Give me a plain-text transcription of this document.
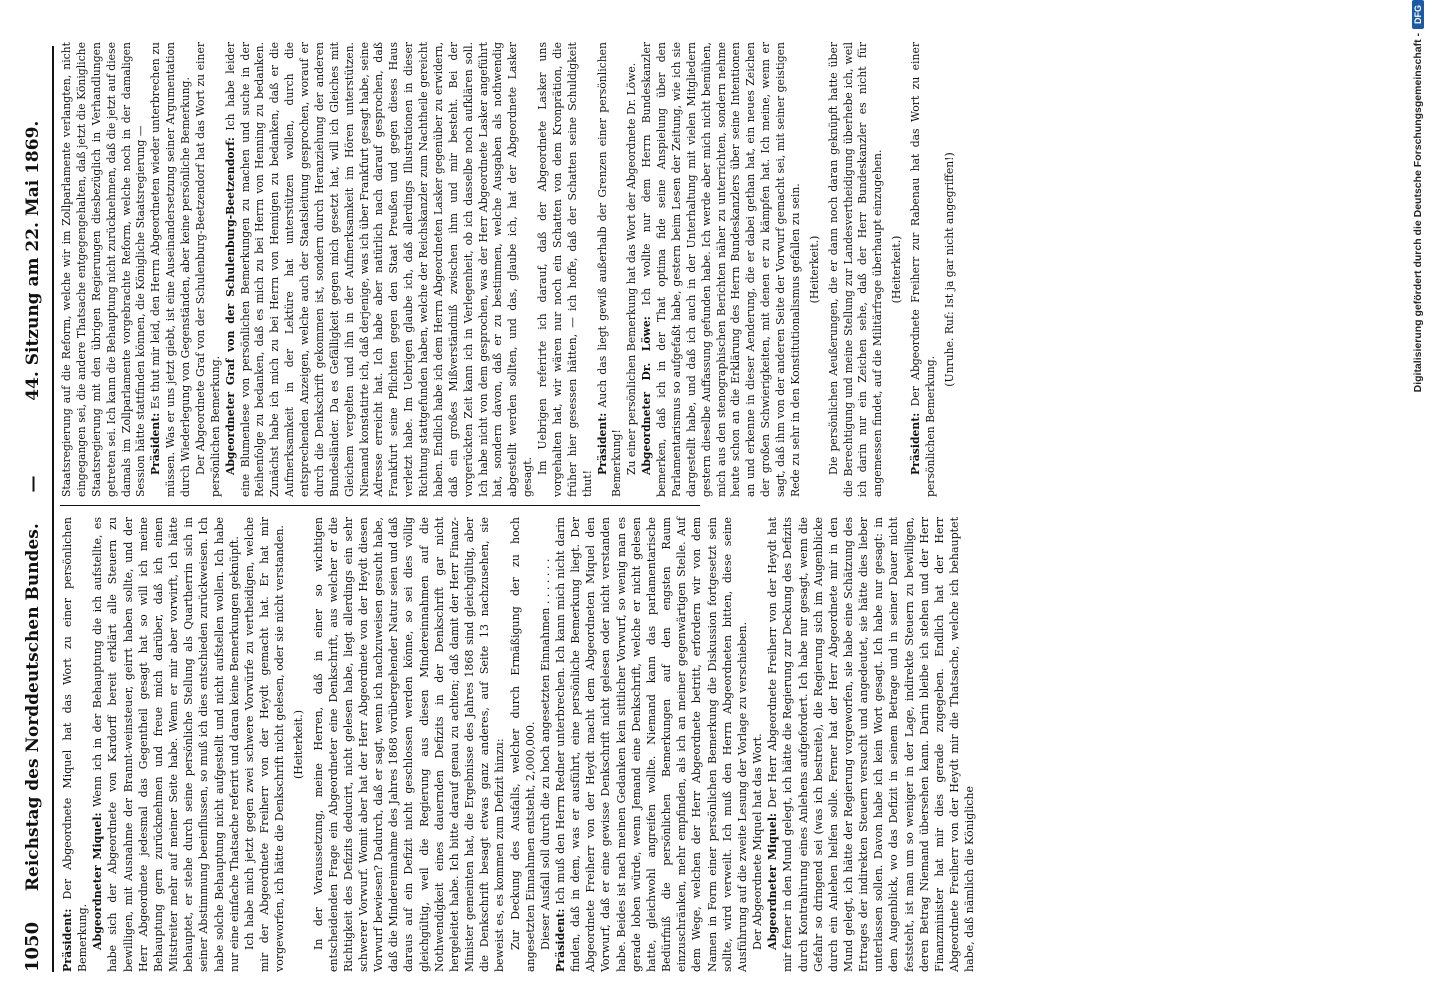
1050
Reichstag des Norddeutschen Bundes.
—
44. Sitzung am 22. Mai 1869.

Präsident: Der Abgeordnete Miquel hat das Wort zu einer persönlichen Bemerkung. Abgeordneter Miquel: Wenn ich in der Behauptung die ich aufstellte, es habe sich der Abgeordnete von Kardorff bereit erklärt alle Steuern zu bewilligen, mit Ausnahme der Brannt-weinsteuer, geirrt haben sollte, und der Herr Abgeordnete jedesmal das Gegentheil gesagt hat so will ich meine Behauptung gern zurücknehmen und freue mich darüber, daß ich einen Mitstreiter mehr auf meiner Seite habe. Wenn er mir aber vorwirft, ich hätte behauptet, er stehe durch seine persönliche Stellung als Quartherrin sich in seiner Abstimmung beeinflussen, so muß ich dies entschieden zurückweisen. Ich habe solche Behauptung nicht aufgestellt und nicht aufstellen wollen. Ich habe nur eine einfache Thatsache referirt und daran keine Bemerkungen geknüpft. Ich habe mich jetzt gegen zwei schwere Vorwürfe zu vertheidigen, welche mir der Abgeordnete Freiherr von der Heydt gemacht hat. Er hat mir vorgeworfen, ich hätte die Denkschrift nicht gelesen, oder sie nicht verstanden. (Heiterkeit.) In der Voraussetzung, meine Herren, daß in einer so wichtigen entscheidenden Frage ein Abgeordneter eine Denkschrift, aus welcher er die Richtigkeit des Defizits deducirt, nicht gelesen habe, liegt allerdings ein sehr schwerer Vorwurf. Womit aber hat der Herr Abgeordnete von der Heydt diesen Vorwurf bewiesen? Dadurch, daß er sagt, wenn ich nachzuweisen gesucht habe, daß die Mindereinnahme des Jahres 1868 vorübergehender Natur seien und daß daraus auf ein Defizit nicht geschlossen werden könne, so sei dies völlig gleichgültig, weil die Regierung aus diesen Mindereinnahmen auf die Nothwendigkeit eines dauernden Defizits in der Denkschrift gar nicht hergeleitet habe. Ich bitte darauf genau zu achten; daß damit der Herr Finanz-Minister gemeinten hat, die Ergebnisse des Jahres 1868 sind gleichgültig, aber die Denkschrift besagt etwas ganz anderes, auf Seite 13 nachzusehen, sie beweist es, es kommen zum Defizit hinzu: Zur Deckung des Ausfalls, welcher durch Ermäßigung der zu hoch angesetzten Einnahmen entsteht, 2,000,000. Dieser Ausfall soll durch die zu hoch angesetzten Einnahmen . . . . . . . Präsident: Ich muß den Herrn Redner unterbrechen. Ich kann mich nicht darin finden, daß in dem, was er ausführt, eine persönliche Bemerkung liegt. Der Abgeordnete Freiherr von der Heydt macht dem Abgeordneten Miquel den Vorwurf, daß er eine gewisse Denkschrift nicht gelesen oder nicht verstanden habe. Beides ist nach meinen Gedanken kein sittlicher Vorwurf, so wenig man es gerade loben würde, wenn Jemand eine Denkschrift, welche er nicht gelesen hatte, gleichwohl angreifen wollte. Niemand kann das parlamentarische Bedürfniß die persönlichen Bemerkungen auf den engsten Raum einzuschränken, mehr empfinden, als ich an meiner gegenwärtigen Stelle. Auf dem Wege, welchen der Herr Abgeordnete betritt, erfordern wir von dem Namen in Form einer persönlichen Bemerkung die Diskussion fortgesetzt sein sollte, wird verweilt. Ich muß den Herrn Abgeordneten bitten, diese seine Ausführung auf die zweite Lesung der Vorlage zu verschieben. Der Abgeordnete Miquel hat das Wort. Abgeordneter Miquel: Der Herr Abgeordnete Freiherr von der Heydt hat mir ferner in den Mund gelegt, ich hätte die Regierung zur Deckung des Defizits durch Kontrahirung eines Anlehens aufgefordert. Ich habe nur gesagt, wenn die Gefahr so dringend sei (was ich bestreite), die Regierung sich im Augenblicke durch ein Anlehen helfen solle. Ferner hat der Herr Abgeordnete mir in den Mund gelegt, ich hätte der Regierung vorgeworfen, sie habe eine Schätzung des Ertrages der indirekten Steuern versucht und angedeutet, sie hätte dies lieber unterlassen sollen. Davon habe ich kein Wort gesagt. Ich habe nur gesagt: in dem Augenblick, wo das Defizit in seinem Betrage und in seiner Dauer nicht feststeht, ist man um so weniger in der Lage, indirekte Steuern zu bewilligen, deren Betrag Niemand übersehen kann. Darin bleibe ich stehen und der Herr Finanzminister hat mir dies gerade zugegeben. Endlich hat der Herr Abgeordnete Freiherr von der Heydt mir die Thatsache, welche ich behauptet habe, daß nämlich die Königliche

Staatsregierung auf die Reform, welche wir im Zollparlamente verlangten, nicht eingegangen sei, die andere Thatsache entgegengehalten, daß jetzt die Königliche Staatsregierung mit den übrigen Regierungen diesbezüglich in Verhandlungen getreten sei. Ich kann die Behauptung nicht zurücknehmen, daß die jetzt auf diese damals im Zollparlamente vorgebrachte Reform, welche noch in der damaligen Session hätte stattfinden können, die Königliche Staatsregierung — Präsident: Es thut mir leid, den Herrn Abgeordneten wieder unterbrechen zu müssen. Was er uns jetzt giebt, ist eine Auseinandersetzung seiner Argumentation durch Wiederlegung von Gegenständen, aber keine persönliche Bemerkung. Der Abgeordnete Graf von der Schulenburg-Beetzendorf hat das Wort zu einer persönlichen Bemerkung. Abgeordneter Graf von der Schulenburg-Beetzendorf: Ich habe leider eine Blumenlese von persönlichen Bemerkungen zu machen und suche in der Reihenfolge zu bedanken, daß es mich zu bei Herrn von Henning zu bedanken. Zunächst habe ich mich zu bei Herrn von Hennigen zu bedanken, daß er die Aufmerksamkeit in der Lektüre hat unterstützen wollen, durch die entsprechenden Anzeigen, welche auch der Staatsleitung gesprochen, worauf er durch die Denkschrift gekommen ist, sondern durch Heranziehung der anderen Bundesländer. Da es Gefälligkeit gegen mich gesetzt hat, will ich Gleiches mit Gleichem vergelten und ihn in der Aufmerksamkeit im Hören unterstützen. Niemand konstatirte ich, daß derjenige, was ich über Frankfurt gesagt habe, seine Adresse erreicht hat. Ich habe aber natürlich nach darauf gesprochen, daß Frankfurt seine Pflichten gegen den Staat Preußen und gegen dieses Haus verletzt habe. Im Uebrigen glaube ich, daß allerdings Illustrationen in dieser Richtung stattgefunden haben, welche der Reichskanzler zum Nachtheile gereicht haben. Endlich habe ich dem Herrn Abgeordneten Lasker gegenüber zu erwidern, daß ein großes Mißverständniß zwischen ihm und mir besteht. Bei der vorgerückten Zeit kann ich in Verlegenheit, ob ich dasselbe noch aufklären soll. Ich habe nicht von dem gesprochen, was der Herr Abgeordnete Lasker angeführt hat, sondern davon, daß er zu bestimmen, welche Ausgaben als nothwendig abgestellt werden sollten, und das, glaube ich, hat der Abgeordnete Lasker gesagt.

Im Uebrigen referirte ich darauf, daß der Abgeordnete Lasker uns vorgehalten hat, wir wären nur noch ein Schatten von dem Kronprätion, die früher hier gesessen hätten, — ich hoffe, daß der Schatten seine Schuldigkeit thut!

Präsident: Auch das liegt gewiß außerhalb der Grenzen einer persönlichen Bemerkung! Zu einer persönlichen Bemerkung hat das Wort der Abgeordnete Dr. Löwe. Abgeordneter Dr. Löwe: Ich wollte nur dem Herrn Bundeskanzler bemerken, daß ich in der That optima fide seine Anspielung über den Parlamentarismus so aufgefaßt habe, gestern beim Lesen der Zeitung, wie ich sie dargestellt habe, und daß ich auch in der Unterhaltung mit vielen Mitgliedern gestern dieselbe Auffassung gefunden habe. Ich werde aber mich nicht bemühen, mich aus den stenographischen Berichten näher zu unterrichten, sondern nehme heute schon an die Erklärung des Herrn Bundeskanzlers über seine Intentionen an und erkenne in dieser Aenderung, die er dabei gethan hat, ein neues Zeichen der großen Schwierigkeiten, mit denen er zu kämpfen hat. Ich meine, wenn er sagt, daß ihm von der anderen Seite der Vorwurf gemacht sei, mit seiner geistigen Rede zu sehr in den Konstitutionalismus gefallen zu sein. (Heiterkeit.) Die persönlichen Aeußerungen, die er dann noch daran geknüpft hatte über die Berechtigung und meine Stellung zur Landesvertheidigung überhebe ich, weil ich darin nur ein Zeichen sehe, daß der Herr Bundeskanzler es nicht für angemessen findet, auf die Militärfrage überhaupt einzugehen. (Heiterkeit.)

Präsident: Der Abgeordnete Freiherr zur Rabenau hat das Wort zu einer persönlichen Bemerkung.

(Unruhe. Ruf: Ist ja gar nicht angegriffen!)	Digitalisierung gefördert durch die Deutsche Forschungsgemeinschaft -
DFG
